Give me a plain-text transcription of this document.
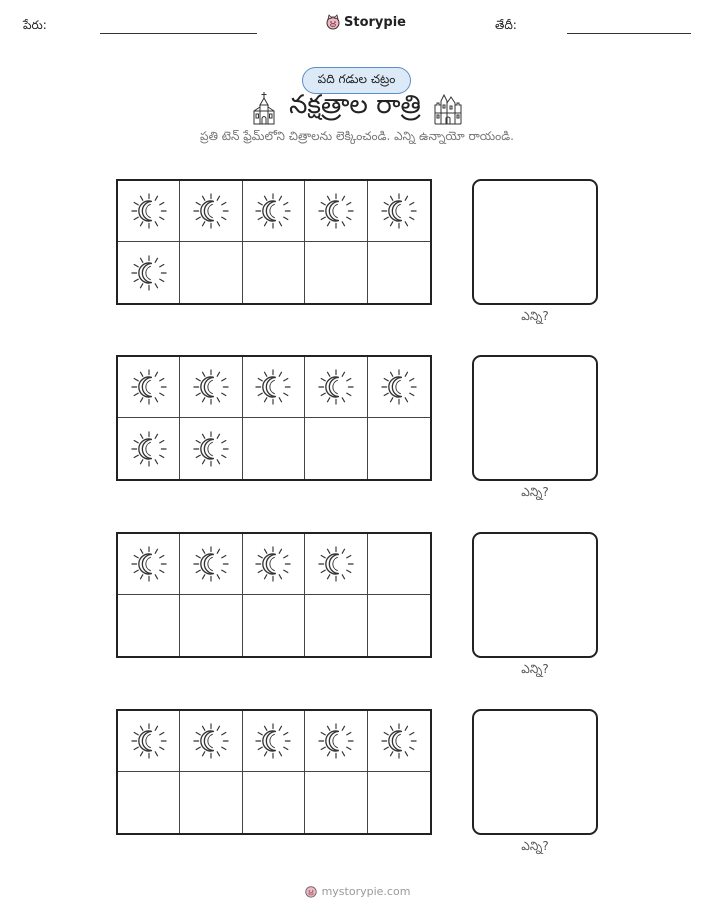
పేరు:	Storypie	తేదీ:
పది గడుల చట్రం
నక్షత్రాల రాత్రి
ప్రతి టెన్ ఫ్రేమ్‌లోని చిత్రాలను లెక్కించండి. ఎన్ని ఉన్నాయో రాయండి.
ఎన్ని?
ఎన్ని?
ఎన్ని?
ఎన్ని?
mystorypie.com
